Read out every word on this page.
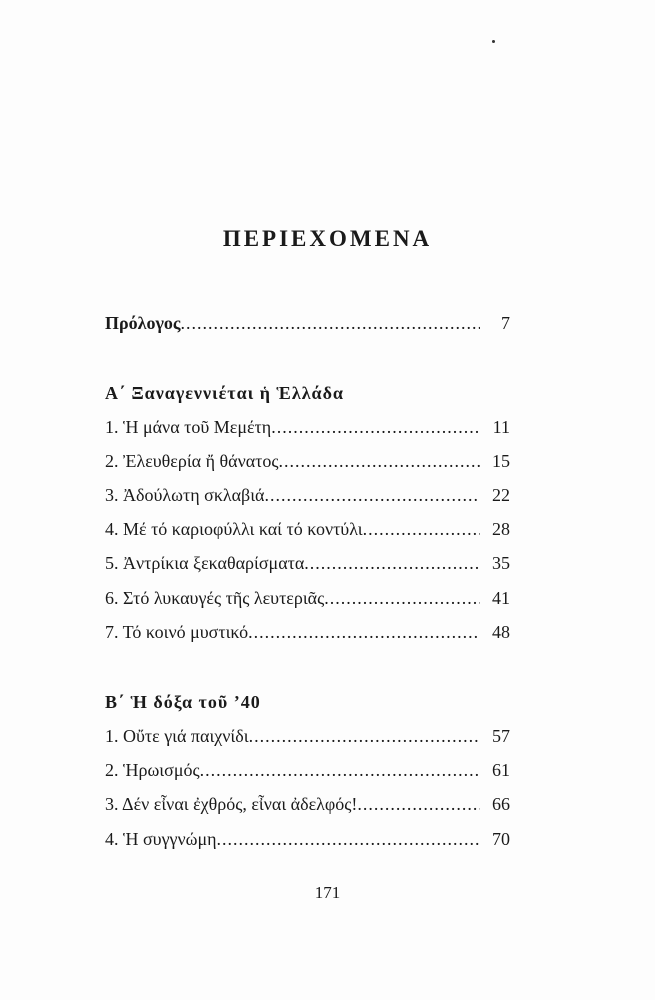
ΠΕΡΙΕΧΟΜΕΝΑ
Πρόλογος .....	7
Α΄ Ξαναγεννιέται ἡ Ἑλλάδα
1. Ἡ μάνα τοῦ Μεμέτη .....	11
2. Ἐλευθερία ἤ θάνατος .....	15
3. Ἀδούλωτη σκλαβιά .....	22
4. Μέ τό καριοφύλλι καί τό κοντύλι .....	28
5. Ἀντρίκια ξεκαθαρίσματα .....	35
6. Στό λυκαυγές τῆς λευτεριᾶς .....	41
7. Τό κοινό μυστικό .....	48
Β΄ Ἡ δόξα τοῦ ’40
1. Οὔτε γιά παιχνίδι .....	57
2. Ἡρωισμός .....	61
3. Δέν εἶναι ἐχθρός, εἶναι ἀδελφός! .....	66
4. Ἡ συγγνώμη .....	70
171
